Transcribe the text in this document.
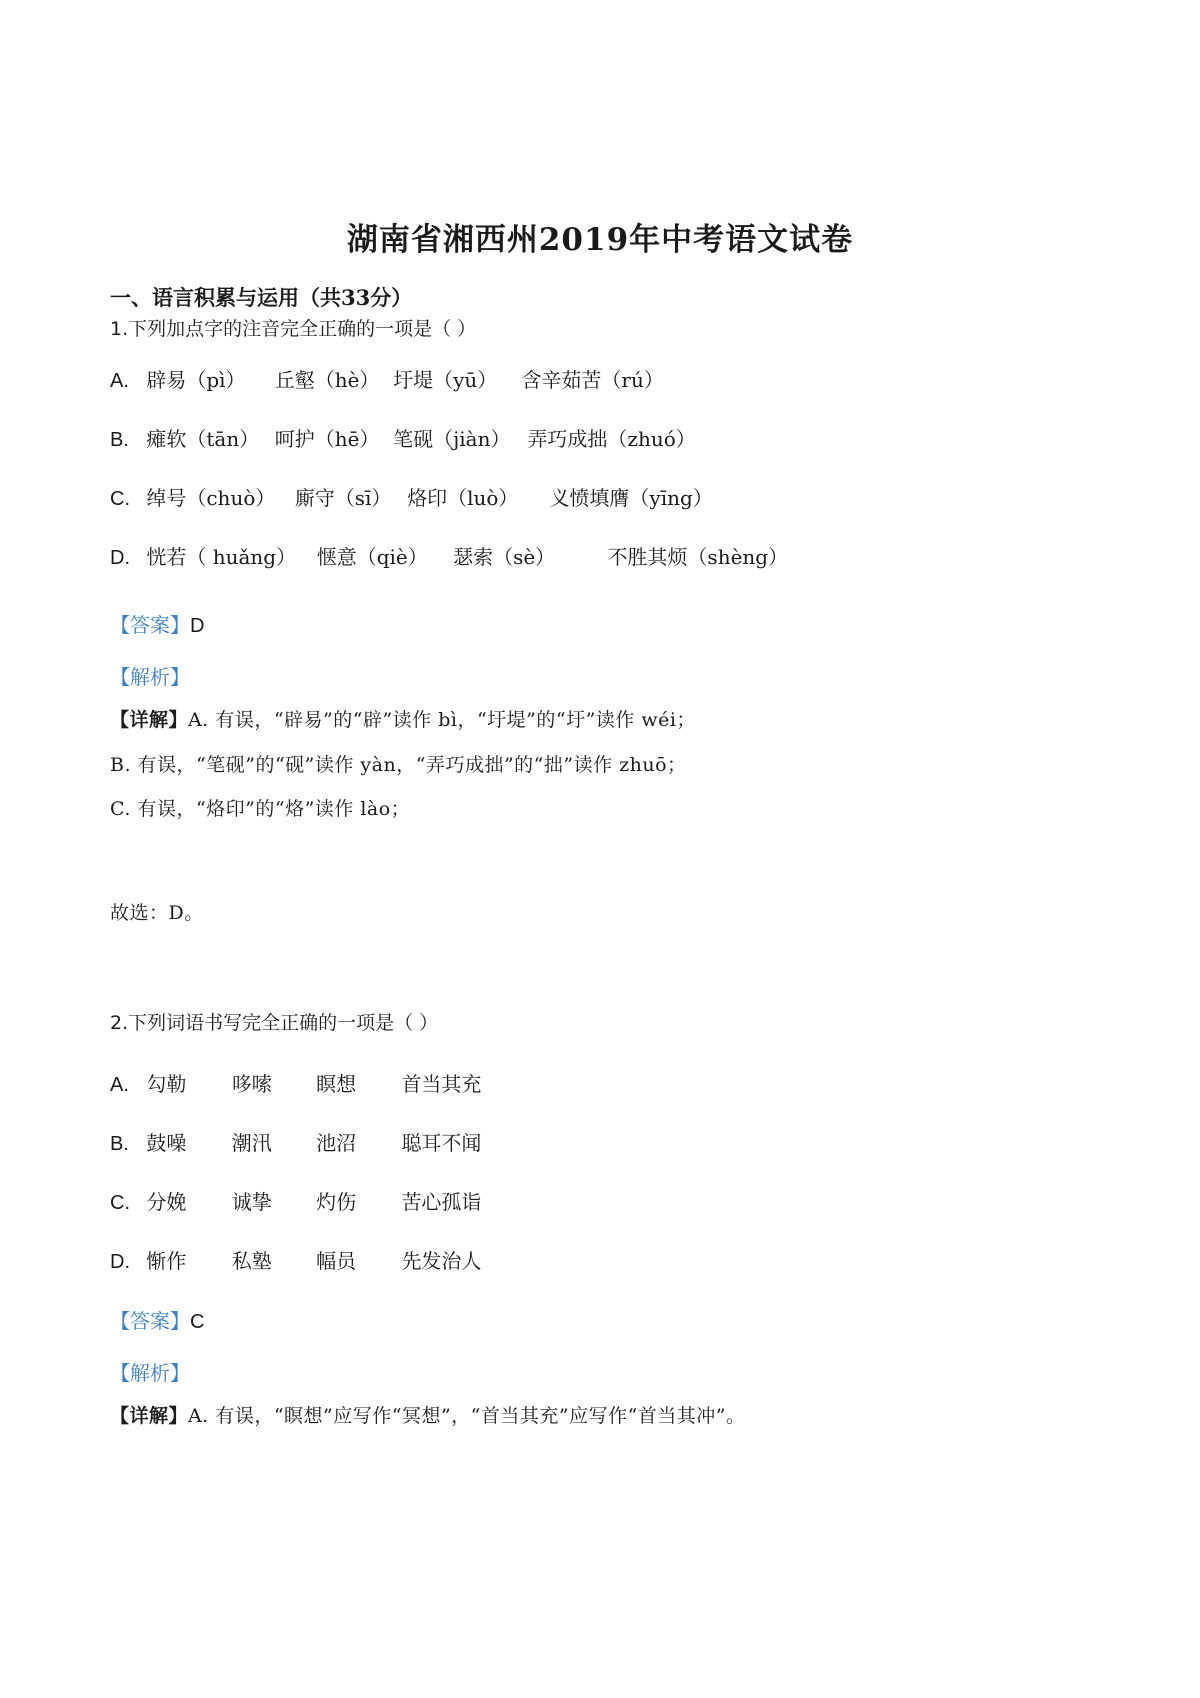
湖南省湘西州2019年中考语文试卷
一、语言积累与运用（共33分）
1.下列加点字的注音完全正确的一项是（ ）
A. 辟易（pì） 丘壑（hè） 圩堤（yū） 含辛茹苦（rú）
B. 瘫软（tān） 呵护（hē） 笔砚（jiàn） 弄巧成拙（zhuó）
C. 绰号（chuò） 廝守（sī） 烙印（luò） 义愤填膺（yīng）
D. 恍若（ huǎng） 惬意（qiè） 瑟索（sè）	不胜其烦（shèng）
【答案】D
【解析】
【详解】A. 有误，“辟易”的“辟”读作 bì，“圩堤”的“圩”读作 wéi；
B. 有误，“笔砚”的“砚”读作 yàn，“弄巧成拙”的“拙”读作 zhuō；
C. 有误，“烙印”的“烙”读作 lào；
故选：D。
2.下列词语书写完全正确的一项是（ ）
A. 勾勒 哆嗦 瞑想 首当其充
B. 鼓噪 潮汛 池沼 聪耳不闻
C. 分娩 诚挚 灼伤 苦心孤诣
D. 惭作 私塾 幅员 先发治人
【答案】C
【解析】
【详解】A. 有误，“瞑想”应写作“冥想”，“首当其充”应写作“首当其冲”。
